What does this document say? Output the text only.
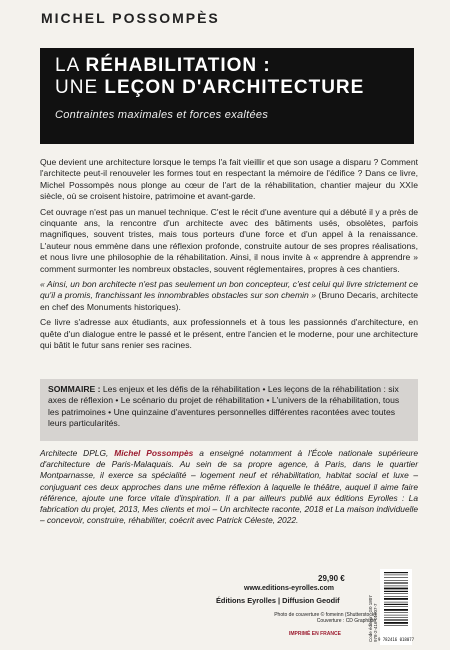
MICHEL POSSOMPÈS
LA RÉHABILITATION :
UNE LEÇON D'ARCHITECTURE
Contraintes maximales et forces exaltées

Que devient une architecture lorsque le temps l'a fait vieillir et que son usage a disparu ? Comment l'architecte peut-il renouveler les formes tout en respectant la mémoire de l'édifice ? Dans ce livre, Michel Possompès nous plonge au cœur de l'art de la réhabilitation, chantier majeur du XXIe siècle, où se croisent histoire, patrimoine et avant-garde.

Cet ouvrage n'est pas un manuel technique. C'est le récit d'une aventure qui a débuté il y a près de cinquante ans, la rencontre d'un architecte avec des bâtiments usés, obsolètes, parfois magnifiques, souvent tristes, mais tous porteurs d'une force et d'un appel à la renaissance. L'auteur nous emmène dans une réflexion profonde, construite autour de ses propres réalisations, et nous livre une philosophie de la réhabilitation. Ainsi, il nous invite à « apprendre à apprendre » comment surmonter les nombreux obstacles, souvent réglementaires, propres à ces chantiers.

« Ainsi, un bon architecte n'est pas seulement un bon concepteur, c'est celui qui livre strictement ce qu'il a promis, franchissant les innombrables obstacles sur son chemin » (Bruno Decaris, architecte en chef des Monuments historiques).

Ce livre s'adresse aux étudiants, aux professionnels et à tous les passionnés d'architecture, en quête d'un dialogue entre le passé et le présent, entre l'ancien et le moderne, pour une architecture qui bâtit le futur sans renier ses racines.

SOMMAIRE : Les enjeux et les défis de la réhabilitation • Les leçons de la réhabilitation : six axes de réflexion • Le scénario du projet de réhabilitation • L'univers de la réhabilitation, tous les patrimoines • Une quinzaine d'aventures personnelles différentes racontées avec toutes leurs particularités.
Architecte DPLG, Michel Possompès a enseigné notamment à l'École nationale supérieure d'architecture de Paris-Malaquais. Au sein de sa propre agence, à Paris, dans le quartier Montparnasse, il exerce sa spécialité – logement neuf et réhabilitation, habitat social et luxe – conjuguant ces deux approches dans une même réflexion à laquelle le théâtre, auquel il aime faire référence, ajoute une force vitale d'inspiration. Il a par ailleurs publié aux éditions Eyrolles : La fabrication du projet, 2013, Mes clients et moi – Un architecte raconte, 2018 et La maison individuelle – concevoir, construire, réhabiliter, coécrit avec Patrick Céleste, 2022.
29,90 €
www.editions-eyrolles.com
Éditions Eyrolles | Diffusion Geodif
Photo de couverture © fomeinn (Shutterstock)
Couverture : CD Graphiste
IMPRIMÉ EN FRANCE	Code éditeur : G0 1807 978-2-416-01807-7 9 782416 018077
